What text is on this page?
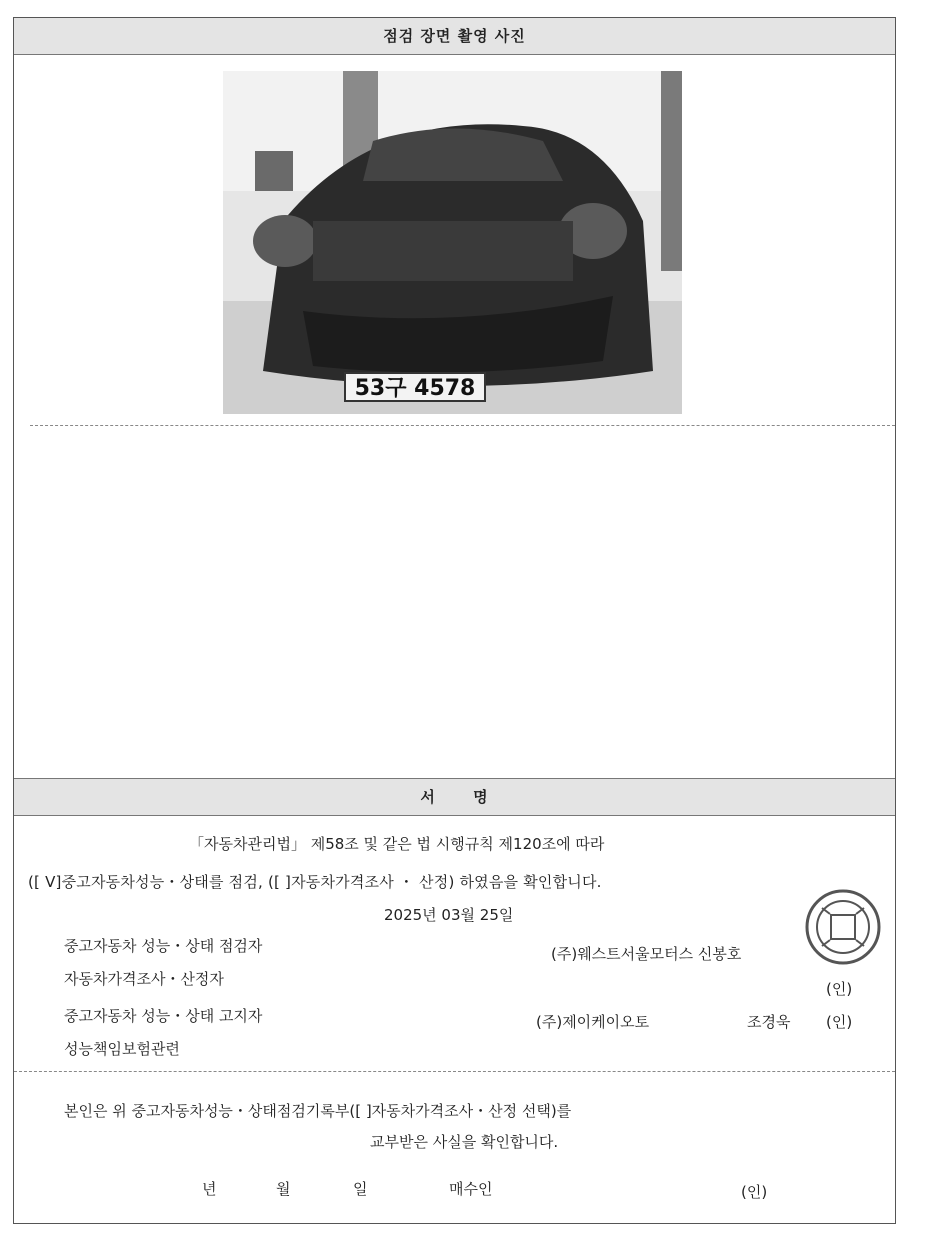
점검 장면 촬영 사진
53구 4578
서      명
「자동차관리법」 제58조 및 같은 법 시행규칙 제120조에 따라
([ V]중고자동차성능・상태를 점검, ([ ]자동차가격조사 ・ 산정) 하였음을 확인합니다.
2025년 03월 25일
중고자동차 성능・상태 점검자	(주)웨스트서울모터스 신봉호
자동차가격조사・산정자
(인)
중고자동차 성능・상태 고지자	(주)제이케이오토	조경욱 (인)
성능책임보험관련
본인은 위 중고자동차성능・상태점검기록부([ ]자동차가격조사・산정 선택)를
교부받은 사실을 확인합니다.
년	월	일	매수인	(인)
